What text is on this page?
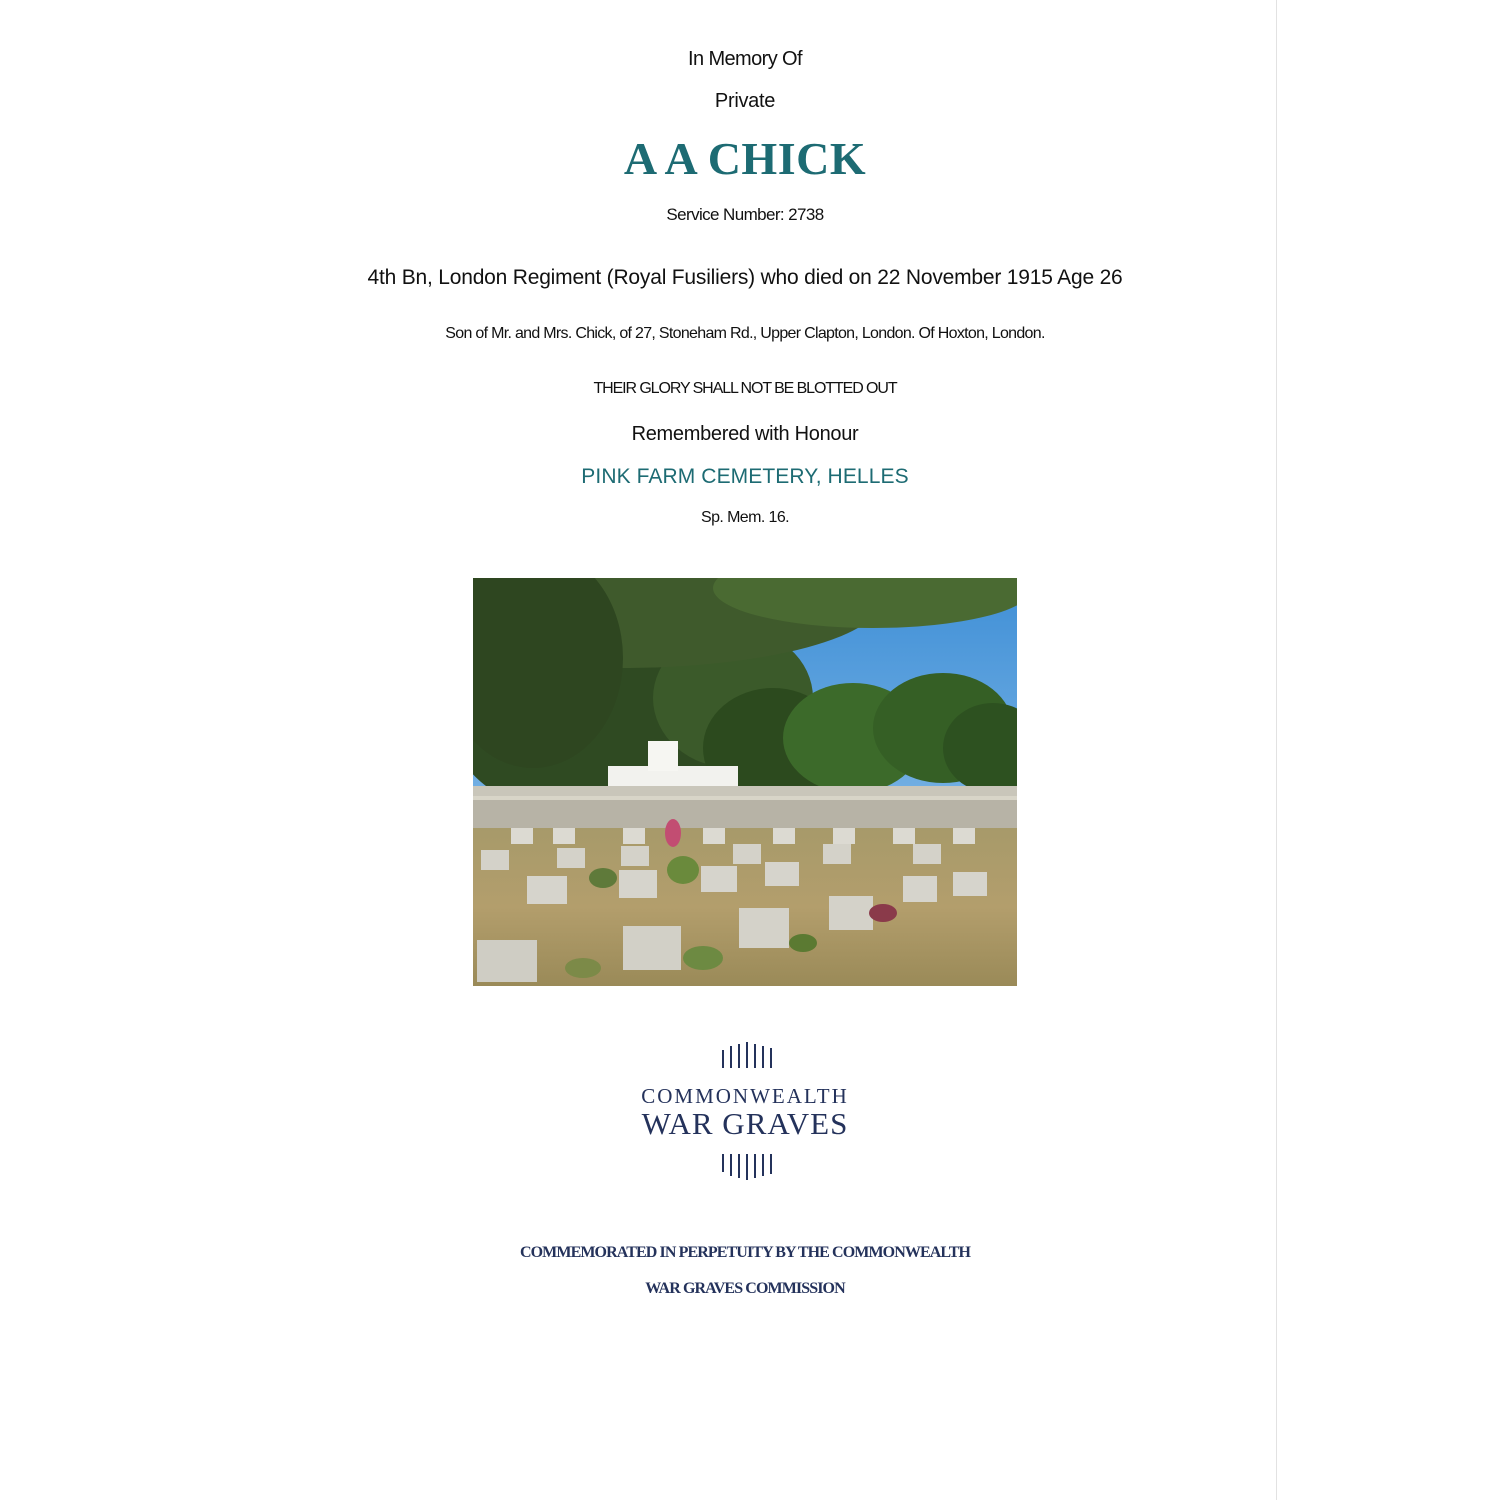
In Memory Of
Private
A A CHICK
Service Number: 2738
4th Bn, London Regiment (Royal Fusiliers) who died on 22 November 1915 Age 26
Son of Mr. and Mrs. Chick, of 27, Stoneham Rd., Upper Clapton, London. Of Hoxton, London.
THEIR GLORY SHALL NOT BE BLOTTED OUT
Remembered with Honour
PINK FARM CEMETERY, HELLES
Sp. Mem. 16.
COMMONWEALTH
WAR GRAVES
COMMEMORATED IN PERPETUITY BY THE COMMONWEALTH
WAR GRAVES COMMISSION
